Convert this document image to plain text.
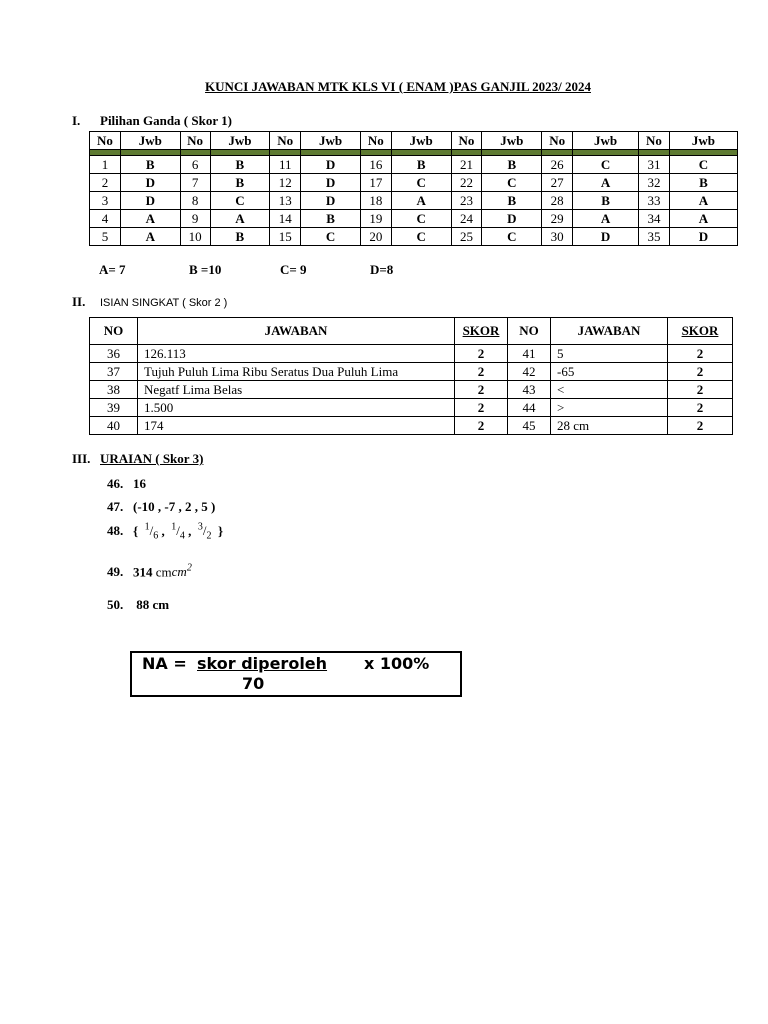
KUNCI JAWABAN MTK KLS VI ( ENAM )PAS GANJIL 2023/ 2024
I. Pilihan Ganda ( Skor 1)
No	Jwb	No	Jwb	No	Jwb	No	Jwb	No	Jwb	No	Jwb	No	Jwb

1	B	6	B	11	D	16	B	21	B	26	C	31	C
2	D	7	B	12	D	17	C	22	C	27	A	32	B
3	D	8	C	13	D	18	A	23	B	28	B	33	A
4	A	9	A	14	B	19	C	24	D	29	A	34	A
5	A	10	B	15	C	20	C	25	C	30	D	35	D
A= 7	B =10	C= 9	D=8
II. ISIAN SINGKAT ( Skor 2 )
NO	JAWABAN	SKOR	NO	JAWABAN	SKOR
36	126.113	2	41	5	2
37	Tujuh Puluh Lima Ribu Seratus Dua Puluh Lima	2	42	-65	2
38	Negatf Lima Belas	2	43	<	2
39	1.500	2	44	>	2
40	174	2	45	28 cm	2
III. URAIAN ( Skor 3)
46. 16
47. (-10 , -7 , 2 , 5 )
48. { $^1/_6$ ,  $^1/_4$ ,  $^3/_2$ }
49. 314 cmcm$^2$
50. 88 cm
NA = skor diperoleh x 100%
70
